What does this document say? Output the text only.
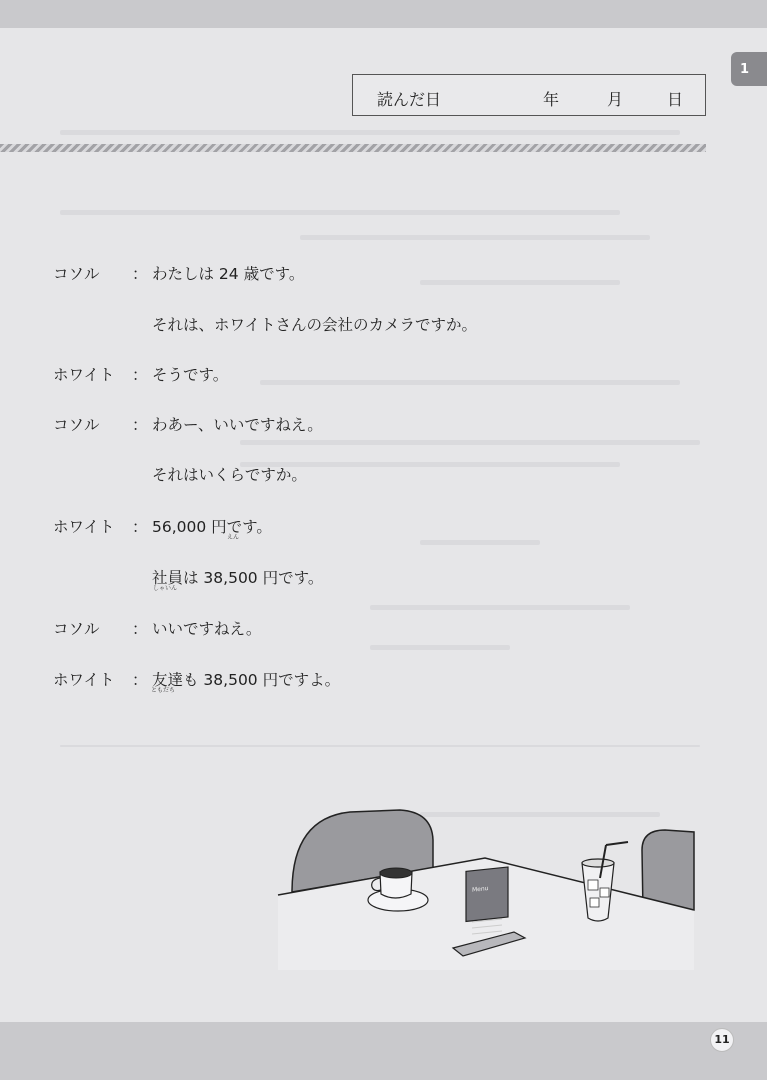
1
読んだ日	年	月	日
コソル ： わたしは 24 歳です。
それは、ホワイトさんの会社のカメラですか。
ホワイト ： そうです。
コソル ： わあー、いいですねえ。
それはいくらですか。
ホワイト ： 56,000 円です。
えん
社員は 38,500 円です。
しゃいん
コソル ： いいですねえ。
ホワイト ： 友達も 38,500 円ですよ。
ともだち
Menu
11
